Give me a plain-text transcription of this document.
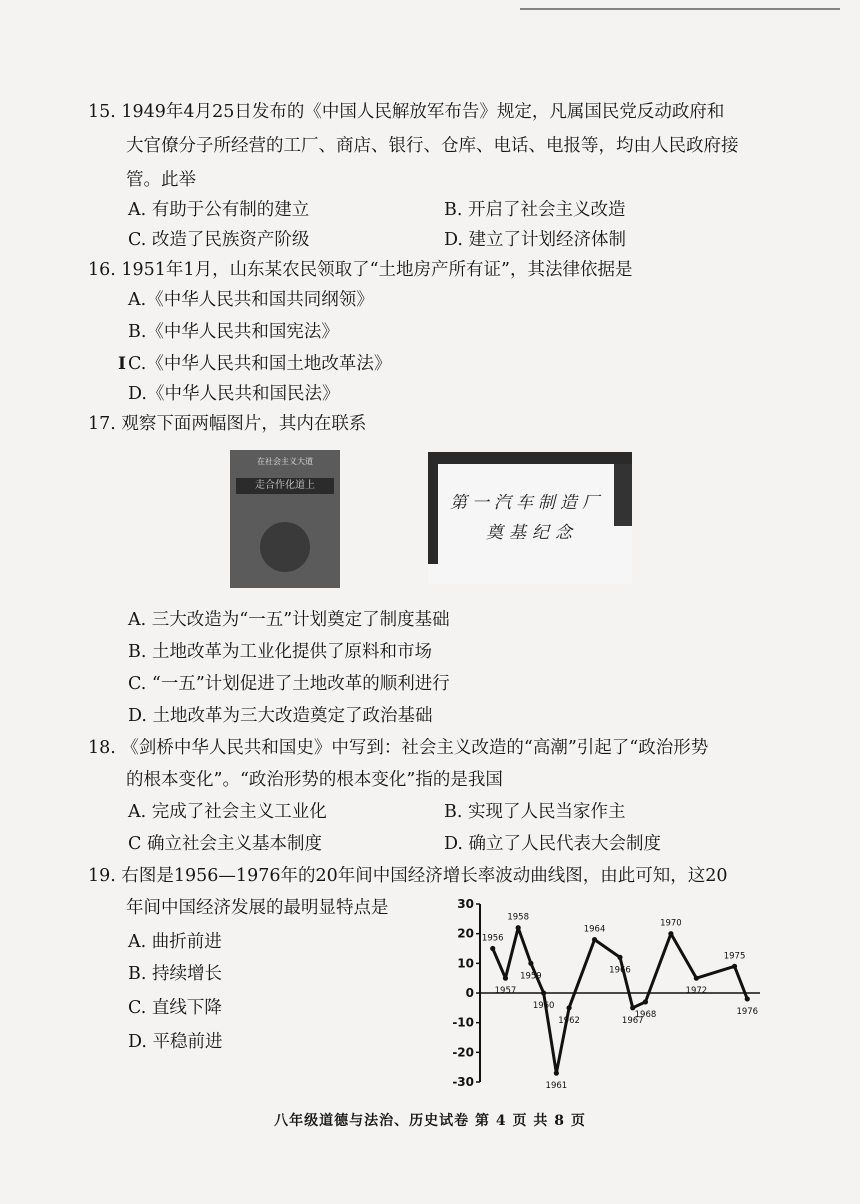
15. 1949年4月25日发布的《中国人民解放军布告》规定，凡属国民党反动政府和
大官僚分子所经营的工厂、商店、银行、仓库、电话、电报等，均由人民政府接
管。此举
A. 有助于公有制的建立	B. 开启了社会主义改造
C. 改造了民族资产阶级	D. 建立了计划经济体制
16. 1951年1月，山东某农民领取了“土地房产所有证”，其法律依据是
A.《中华人民共和国共同纲领》
B.《中华人民共和国宪法》
I C.《中华人民共和国土地改革法》
D.《中华人民共和国民法》
17. 观察下面两幅图片，其内在联系
在社会主义大道
走合作化道上
第一汽车制造厂
奠基纪念
A. 三大改造为“一五”计划奠定了制度基础
B. 土地改革为工业化提供了原料和市场
C. “一五”计划促进了土地改革的顺利进行
D. 土地改革为三大改造奠定了政治基础
18. 《剑桥中华人民共和国史》中写到：社会主义改造的“高潮”引起了“政治形势
的根本变化”。“政治形势的根本变化”指的是我国
A. 完成了社会主义工业化	B. 实现了人民当家作主
C 确立社会主义基本制度	D. 确立了人民代表大会制度
19. 右图是1956—1976年的20年间中国经济增长率波动曲线图，由此可知，这20
年间中国经济发展的最明显特点是
A. 曲折前进
B. 持续增长
C. 直线下降
D. 平稳前进
30
20
10
0
-10
-20
-30
1956
1957
1958
1959
1960
1961
1962
1964
1966
1967
1968
1970
1972
1975
1976
八年级道德与法治、历史试卷 第 4 页 共 8 页
